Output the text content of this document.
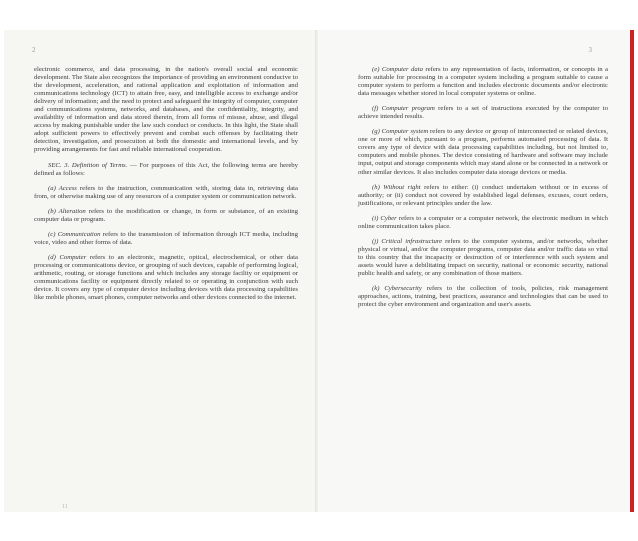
2

electronic commerce, and data processing, in the nation's overall social and economic development. The State also recognizes the importance of providing an environment conducive to the development, acceleration, and rational application and exploitation of information and communications technology (ICT) to attain free, easy, and intelligible access to exchange and/or delivery of information; and the need to protect and safeguard the integrity of computer, computer and communications systems, networks, and databases, and the confidentiality, integrity, and availability of information and data stored therein, from all forms of misuse, abuse, and illegal access by making punishable under the law such conduct or conducts. In this light, the State shall adopt sufficient powers to effectively prevent and combat such offenses by facilitating their detection, investigation, and prosecution at both the domestic and international levels, and by providing arrangements for fast and reliable international cooperation.

SEC. 3. Definition of Terms. — For purposes of this Act, the following terms are hereby defined as follows:

(a) Access refers to the instruction, communication with, storing data in, retrieving data from, or otherwise making use of any resources of a computer system or communication network.

(b) Alteration refers to the modification or change, in form or substance, of an existing computer data or program.

(c) Communication refers to the transmission of information through ICT media, including voice, video and other forms of data.

(d) Computer refers to an electronic, magnetic, optical, electrochemical, or other data processing or communications device, or grouping of such devices, capable of performing logical, arithmetic, routing, or storage functions and which includes any storage facility or equipment or communications facility or equipment directly related to or operating in conjunction with such device. It covers any type of computer device including devices with data processing capabilities like mobile phones, smart phones, computer networks and other devices connected to the internet.

11
3

(e) Computer data refers to any representation of facts, information, or concepts in a form suitable for processing in a computer system including a program suitable to cause a computer system to perform a function and includes electronic documents and/or electronic data messages whether stored in local computer systems or online.

(f) Computer program refers to a set of instructions executed by the computer to achieve intended results.

(g) Computer system refers to any device or group of interconnected or related devices, one or more of which, pursuant to a program, performs automated processing of data. It covers any type of device with data processing capabilities including, but not limited to, computers and mobile phones. The device consisting of hardware and software may include input, output and storage components which may stand alone or be connected in a network or other similar devices. It also includes computer data storage devices or media.

(h) Without right refers to either: (i) conduct undertaken without or in excess of authority; or (ii) conduct not covered by established legal defenses, excuses, court orders, justifications, or relevant principles under the law.

(i) Cyber refers to a computer or a computer network, the electronic medium in which online communication takes place.

(j) Critical infrastructure refers to the computer systems, and/or networks, whether physical or virtual, and/or the computer programs, computer data and/or traffic data so vital to this country that the incapacity or destruction of or interference with such system and assets would have a debilitating impact on security, national or economic security, national public health and safety, or any combination of those matters.

(k) Cybersecurity refers to the collection of tools, policies, risk management approaches, actions, training, best practices, assurance and technologies that can be used to protect the cyber environment and organization and user's assets.
